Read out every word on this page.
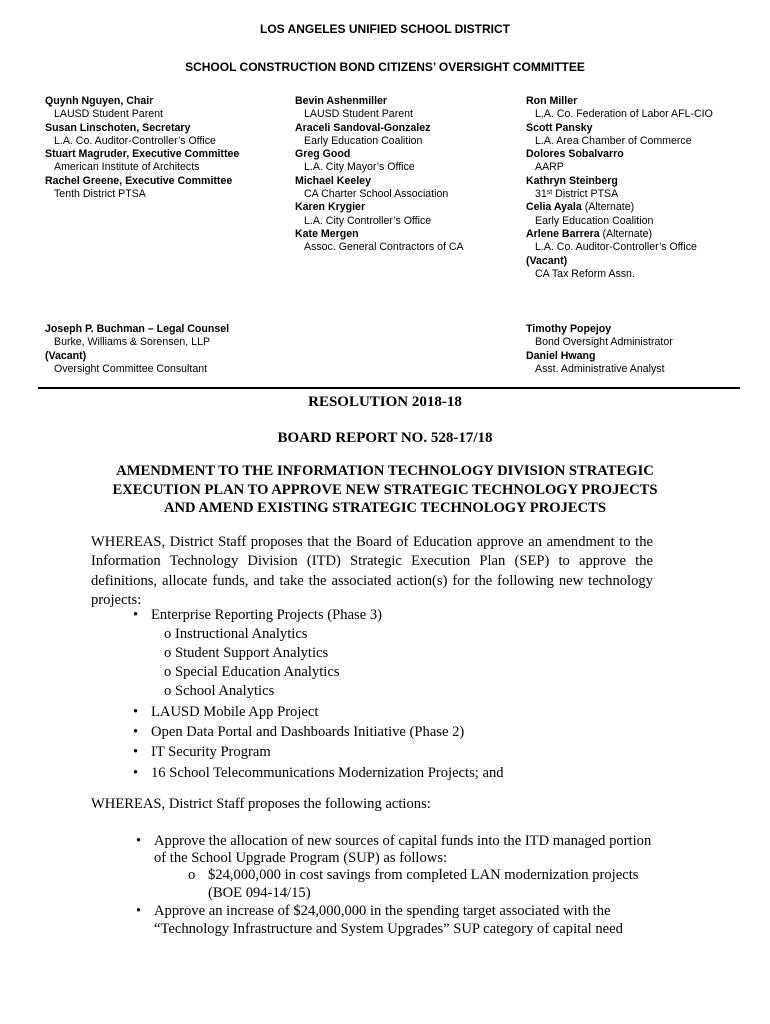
LOS ANGELES UNIFIED SCHOOL DISTRICT
SCHOOL CONSTRUCTION BOND CITIZENS’ OVERSIGHT COMMITTEE
Quynh Nguyen, Chair
LAUSD Student Parent
Susan Linschoten, Secretary
L.A. Co. Auditor-Controller’s Office
Stuart Magruder, Executive Committee
American Institute of Architects
Rachel Greene, Executive Committee
Tenth District PTSA
Bevin Ashenmiller
LAUSD Student Parent
Araceli Sandoval-Gonzalez
Early Education Coalition
Greg Good
L.A. City Mayor’s Office
Michael Keeley
CA Charter School Association
Karen Krygier
L.A. City Controller’s Office
Kate Mergen
Assoc. General Contractors of CA
Ron Miller
L.A. Co. Federation of Labor AFL-CIO
Scott Pansky
L.A. Area Chamber of Commerce
Dolores Sobalvarro
AARP
Kathryn Steinberg
31st District PTSA
Celia Ayala (Alternate)
Early Education Coalition
Arlene Barrera (Alternate)
L.A. Co. Auditor-Controller’s Office
(Vacant)
CA Tax Reform Assn.
Joseph P. Buchman – Legal Counsel
Burke, Williams & Sorensen, LLP
(Vacant)
Oversight Committee Consultant
Timothy Popejoy
Bond Oversight Administrator
Daniel Hwang
Asst. Administrative Analyst
RESOLUTION 2018-18
BOARD REPORT NO. 528-17/18
AMENDMENT TO THE INFORMATION TECHNOLOGY DIVISION STRATEGIC
EXECUTION PLAN TO APPROVE NEW STRATEGIC TECHNOLOGY PROJECTS
AND AMEND EXISTING STRATEGIC TECHNOLOGY PROJECTS
WHEREAS, District Staff proposes that the Board of Education approve an amendment to the Information Technology Division (ITD) Strategic Execution Plan (SEP) to approve the definitions, allocate funds, and take the associated action(s) for the following new technology projects:
• Enterprise Reporting Projects (Phase 3)
o Instructional Analytics
o Student Support Analytics
o Special Education Analytics
o School Analytics
• LAUSD Mobile App Project
• Open Data Portal and Dashboards Initiative (Phase 2)
• IT Security Program
• 16 School Telecommunications Modernization Projects; and
WHEREAS, District Staff proposes the following actions:
• Approve the allocation of new sources of capital funds into the ITD managed portion
of the School Upgrade Program (SUP) as follows:
o $24,000,000 in cost savings from completed LAN modernization projects
(BOE 094-14/15)
• Approve an increase of $24,000,000 in the spending target associated with the
“Technology Infrastructure and System Upgrades” SUP category of capital need
